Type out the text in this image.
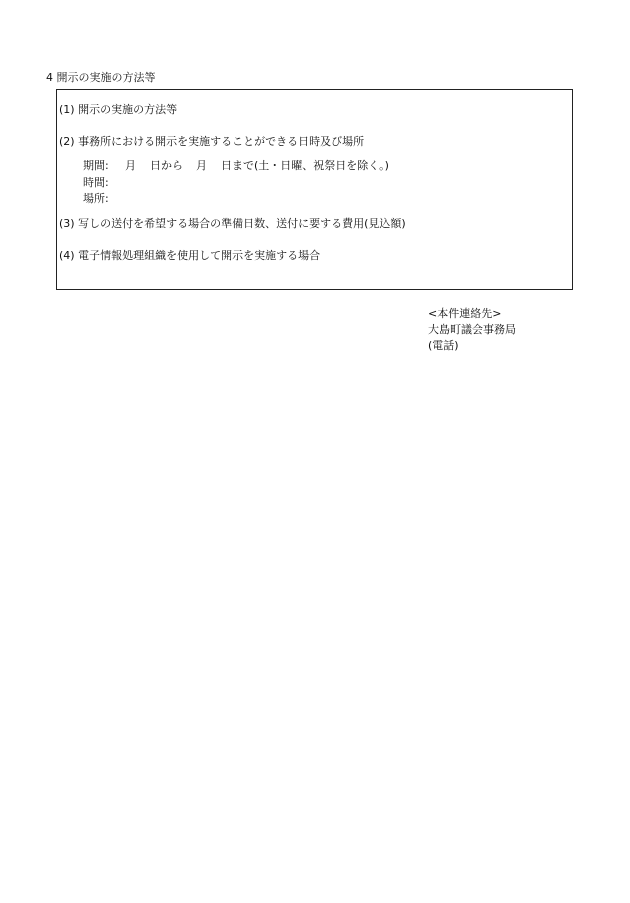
4 開示の実施の方法等
(1) 開示の実施の方法等
(2) 事務所における開示を実施することができる日時及び場所
期間: 月 日から 月 日まで(土・日曜、祝祭日を除く。)
時間:
場所:
(3) 写しの送付を希望する場合の準備日数、送付に要する費用(見込額)
(4) 電子情報処理組織を使用して開示を実施する場合
<本件連絡先>
大島町議会事務局
(電話)
